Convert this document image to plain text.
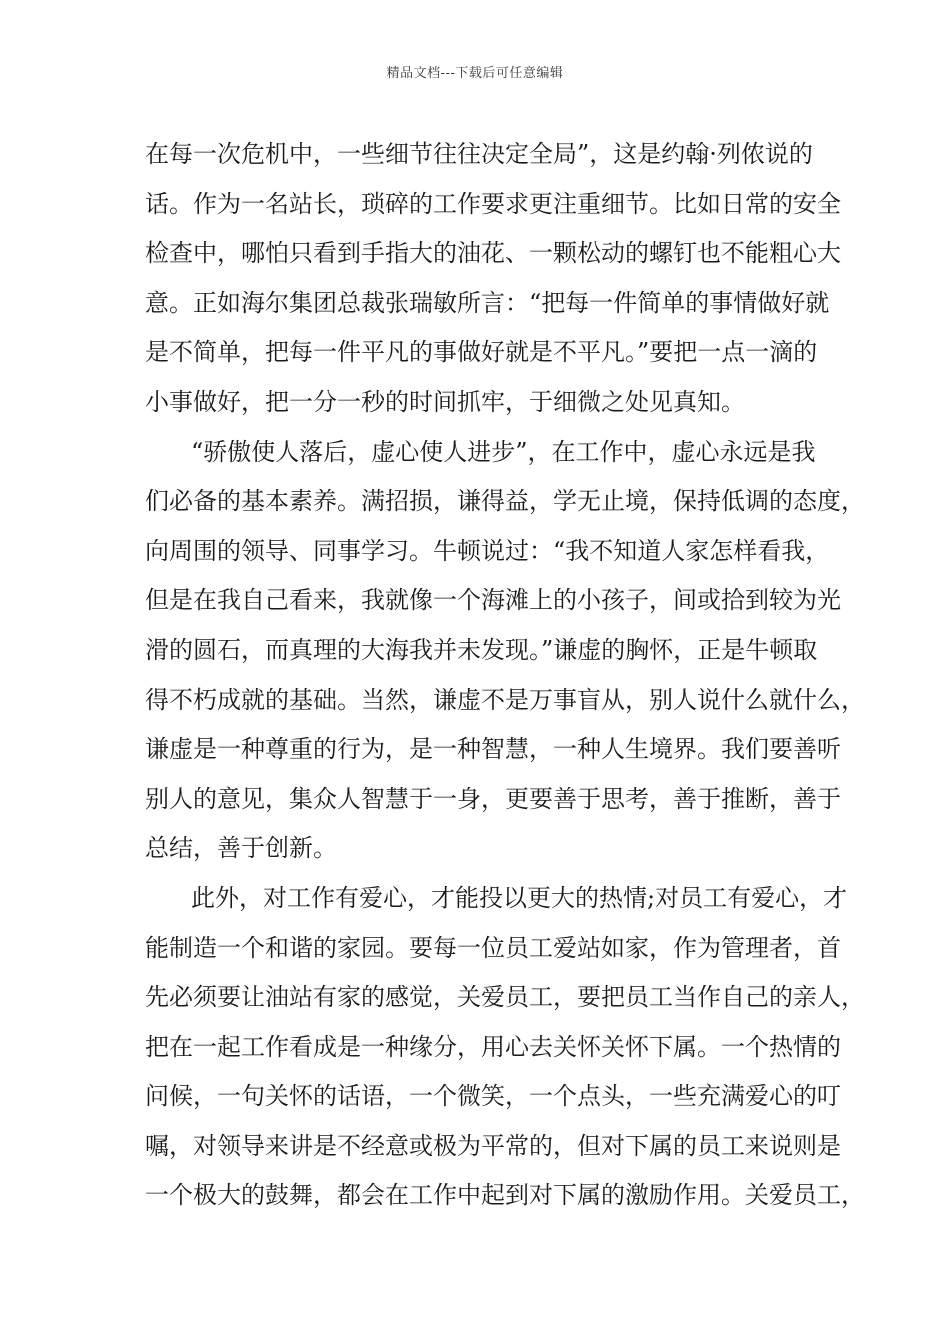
精品文档---下载后可任意编辑
在每一次危机中，一些细节往往决定全局”，这是约翰·列侬说的
话。作为一名站长，琐碎的工作要求更注重细节。比如日常的安全
检查中，哪怕只看到手指大的油花、一颗松动的螺钉也不能粗心大
意。正如海尔集团总裁张瑞敏所言：“把每一件简单的事情做好就
是不简单，把每一件平凡的事做好就是不平凡。”要把一点一滴的
小事做好，把一分一秒的时间抓牢，于细微之处见真知。
“骄傲使人落后，虚心使人进步”，在工作中，虚心永远是我
们必备的基本素养。满招损，谦得益，学无止境，保持低调的态度，
向周围的领导、同事学习。牛顿说过：“我不知道人家怎样看我，
但是在我自己看来，我就像一个海滩上的小孩子，间或拾到较为光
滑的圆石，而真理的大海我并未发现。”谦虚的胸怀，正是牛顿取
得不朽成就的基础。当然，谦虚不是万事盲从，别人说什么就什么，
谦虚是一种尊重的行为，是一种智慧，一种人生境界。我们要善听
别人的意见，集众人智慧于一身，更要善于思考，善于推断，善于
总结，善于创新。
此外，对工作有爱心，才能投以更大的热情;对员工有爱心，才
能制造一个和谐的家园。要每一位员工爱站如家，作为管理者，首
先必须要让油站有家的感觉，关爱员工，要把员工当作自己的亲人，
把在一起工作看成是一种缘分，用心去关怀关怀下属。一个热情的
问候，一句关怀的话语，一个微笑，一个点头，一些充满爱心的叮
嘱，对领导来讲是不经意或极为平常的，但对下属的员工来说则是
一个极大的鼓舞，都会在工作中起到对下属的激励作用。关爱员工，
